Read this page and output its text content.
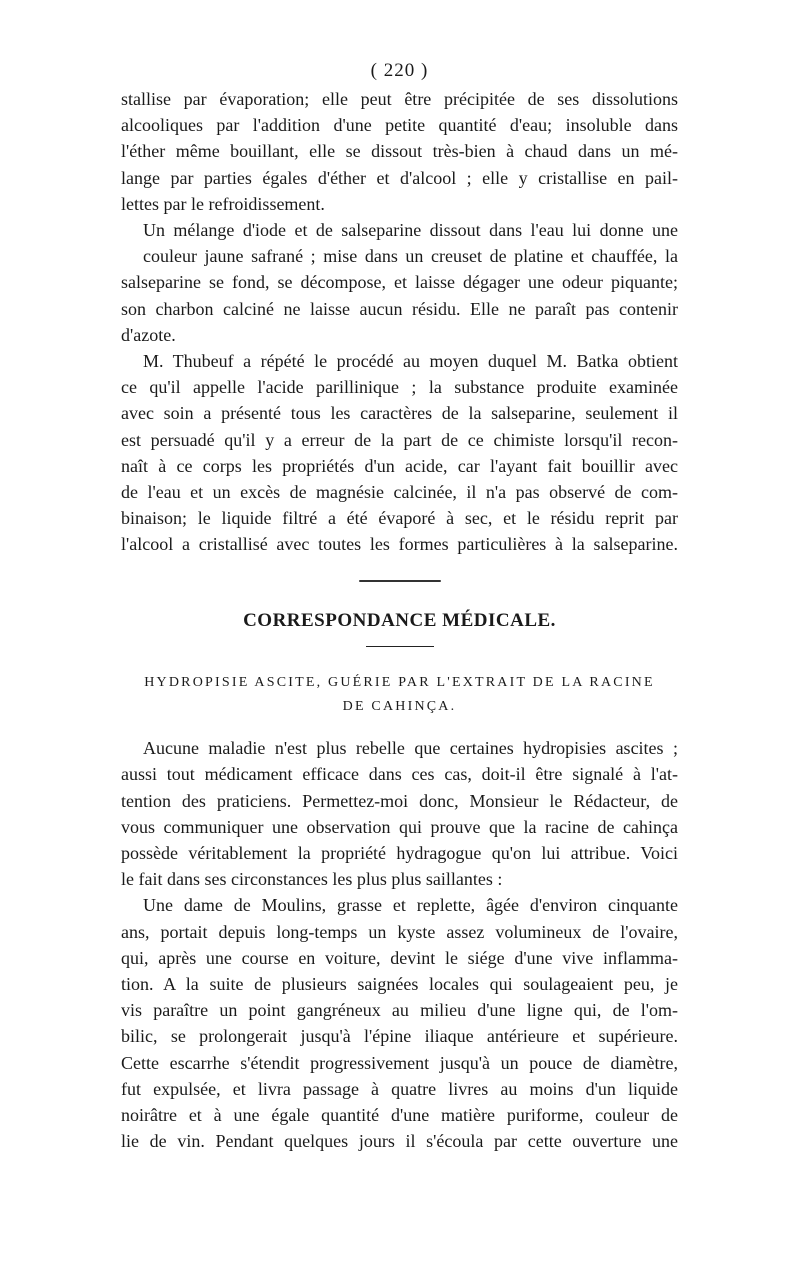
( 220 )

stallise par évaporation; elle peut être précipitée de ses dissolutions
alcooliques par l'addition d'une petite quantité d'eau; insoluble dans
l'éther même bouillant, elle se dissout très-bien à chaud dans un mé-
lange par parties égales d'éther et d'alcool ; elle y cristallise en pail-
lettes par le refroidissement.

Un mélange d'iode et de salseparine dissout dans l'eau lui donne une
couleur jaune safrané ; mise dans un creuset de platine et chauffée, la
salseparine se fond, se décompose, et laisse dégager une odeur piquante;
son charbon calciné ne laisse aucun résidu. Elle ne paraît pas contenir
d'azote.

M. Thubeuf a répété le procédé au moyen duquel M. Batka obtient
ce qu'il appelle l'acide parillinique ; la substance produite examinée
avec soin a présenté tous les caractères de la salseparine, seulement il
est persuadé qu'il y a erreur de la part de ce chimiste lorsqu'il recon-
naît à ce corps les propriétés d'un acide, car l'ayant fait bouillir avec
de l'eau et un excès de magnésie calcinée, il n'a pas observé de com-
binaison; le liquide filtré a été évaporé à sec, et le résidu reprit par
l'alcool a cristallisé avec toutes les formes particulières à la salseparine.

CORRESPONDANCE MÉDICALE.
HYDROPISIE ASCITE, GUÉRIE PAR L'EXTRAIT DE LA RACINE
DE CAHINÇA.

Aucune maladie n'est plus rebelle que certaines hydropisies ascites ;
aussi tout médicament efficace dans ces cas, doit-il être signalé à l'at-
tention des praticiens. Permettez-moi donc, Monsieur le Rédacteur, de
vous communiquer une observation qui prouve que la racine de cahinça
possède véritablement la propriété hydragogue qu'on lui attribue. Voici
le fait dans ses circonstances les plus plus saillantes :

Une dame de Moulins, grasse et replette, âgée d'environ cinquante
ans, portait depuis long-temps un kyste assez volumineux de l'ovaire,
qui, après une course en voiture, devint le siége d'une vive inflamma-
tion. A la suite de plusieurs saignées locales qui soulageaient peu, je
vis paraître un point gangréneux au milieu d'une ligne qui, de l'om-
bilic, se prolongerait jusqu'à l'épine iliaque antérieure et supérieure.
Cette escarrhe s'étendit progressivement jusqu'à un pouce de diamètre,
fut expulsée, et livra passage à quatre livres au moins d'un liquide
noirâtre et à une égale quantité d'une matière puriforme, couleur de
lie de vin. Pendant quelques jours il s'écoula par cette ouverture une
